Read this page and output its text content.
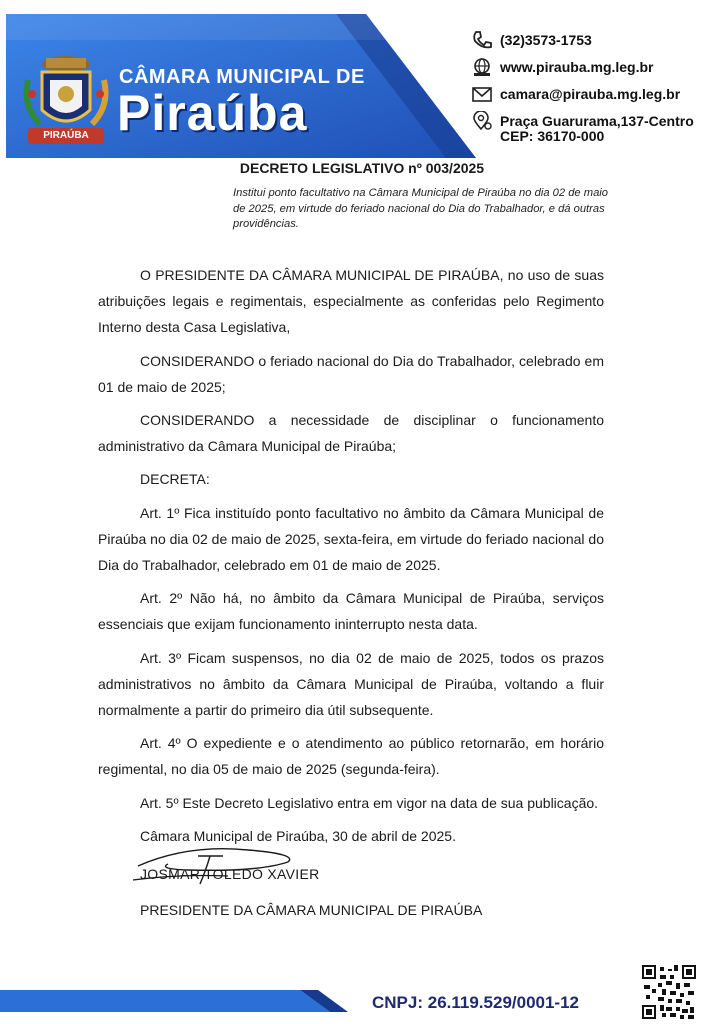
PIRAÚBA
CÂMARA MUNICIPAL DE
Piraúba
(32)3573-1753
www.pirauba.mg.leg.br
camara@pirauba.mg.leg.br
Praça Guarurama,137-Centro
CEP: 36170-000
DECRETO LEGISLATIVO nº 003/2025
Institui ponto facultativo na Câmara Municipal de Piraúba no dia 02 de maio de 2025, em virtude do feriado nacional do Dia do Trabalhador, e dá outras providências.

O PRESIDENTE DA CÂMARA MUNICIPAL DE PIRAÚBA, no uso de suas atribuições legais e regimentais, especialmente as conferidas pelo Regimento Interno desta Casa Legislativa,

CONSIDERANDO o feriado nacional do Dia do Trabalhador, celebrado em 01 de maio de 2025;

CONSIDERANDO a necessidade de disciplinar o funcionamento administrativo da Câmara Municipal de Piraúba;

DECRETA:

Art. 1º Fica instituído ponto facultativo no âmbito da Câmara Municipal de Piraúba no dia 02 de maio de 2025, sexta-feira, em virtude do feriado nacional do Dia do Trabalhador, celebrado em 01 de maio de 2025.

Art. 2º Não há, no âmbito da Câmara Municipal de Piraúba, serviços essenciais que exijam funcionamento ininterrupto nesta data.

Art. 3º Ficam suspensos, no dia 02 de maio de 2025, todos os prazos administrativos no âmbito da Câmara Municipal de Piraúba, voltando a fluir normalmente a partir do primeiro dia útil subsequente.

Art. 4º O expediente e o atendimento ao público retornarão, em horário regimental, no dia 05 de maio de 2025 (segunda-feira).

Art. 5º Este Decreto Legislativo entra em vigor na data de sua publicação.

Câmara Municipal de Piraúba, 30 de abril de 2025.
JOSMAR TOLEDO XAVIER
PRESIDENTE DA CÂMARA MUNICIPAL DE PIRAÚBA
CNPJ: 26.119.529/0001-12
